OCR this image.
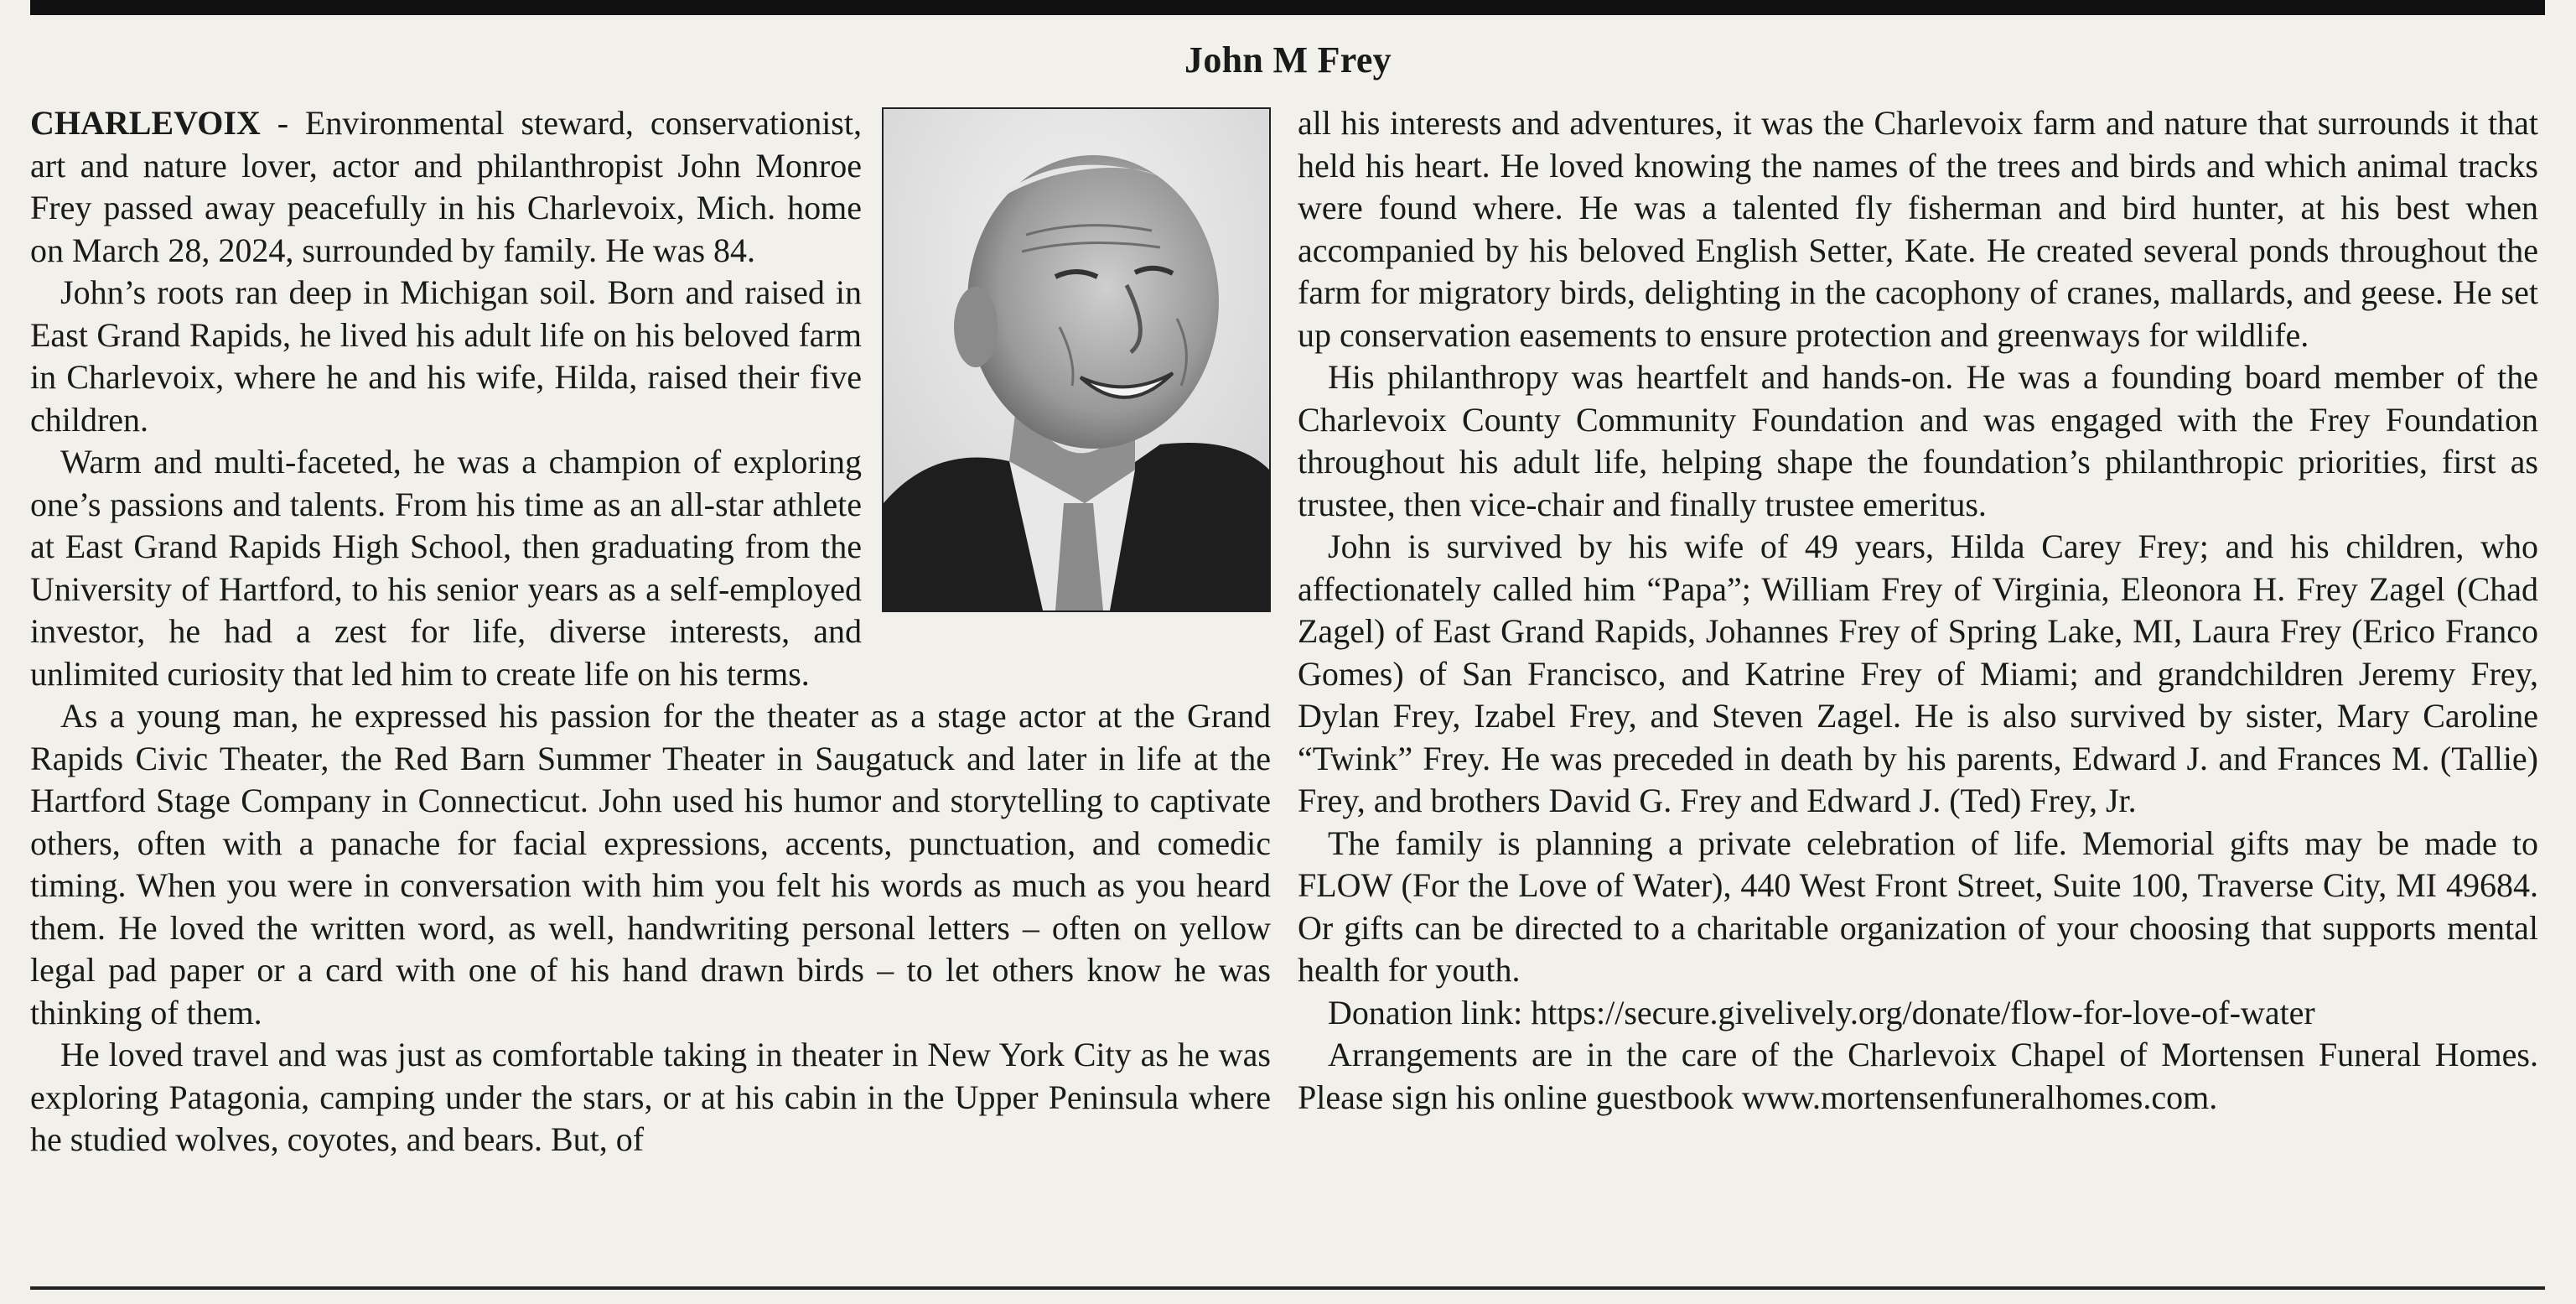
John M Frey

CHARLEVOIX - Environmental steward, conservationist, art and nature lover, actor and philanthropist John Monroe Frey passed away peacefully in his Charlevoix, Mich. home on March 28, 2024, surrounded by family. He was 84.

John’s roots ran deep in Michigan soil. Born and raised in East Grand Rapids, he lived his adult life on his beloved farm in Charlevoix, where he and his wife, Hilda, raised their five children.

Warm and multi-faceted, he was a champion of exploring one’s passions and talents. From his time as an all-star athlete at East Grand Rapids High School, then graduating from the University of Hartford, to his senior years as a self-employed investor, he had a zest for life, diverse interests, and unlimited curiosity that led him to create life on his terms.

As a young man, he expressed his passion for the theater as a stage actor at the Grand Rapids Civic Theater, the Red Barn Summer Theater in Saugatuck and later in life at the Hartford Stage Company in Connecticut. John used his humor and storytelling to captivate others, often with a panache for facial expressions, accents, punctuation, and comedic timing. When you were in conversation with him you felt his words as much as you heard them. He loved the written word, as well, handwriting personal letters – often on yellow legal pad paper or a card with one of his hand drawn birds – to let others know he was thinking of them.

He loved travel and was just as comfortable taking in theater in New York City as he was exploring Patagonia, camping under the stars, or at his cabin in the Upper Peninsula where he studied wolves, coyotes, and bears. But, of

all his interests and adventures, it was the Charlevoix farm and nature that surrounds it that held his heart. He loved knowing the names of the trees and birds and which animal tracks were found where. He was a talented fly fisherman and bird hunter, at his best when accompanied by his beloved English Setter, Kate. He created several ponds throughout the farm for migratory birds, delighting in the cacophony of cranes, mallards, and geese. He set up conservation easements to ensure protection and greenways for wildlife.

His philanthropy was heartfelt and hands-on. He was a founding board member of the Charlevoix County Community Foundation and was engaged with the Frey Foundation throughout his adult life, helping shape the foundation’s philanthropic priorities, first as trustee, then vice-chair and finally trustee emeritus.

John is survived by his wife of 49 years, Hilda Carey Frey; and his children, who affectionately called him “Papa”; William Frey of Virginia, Eleonora H. Frey Zagel (Chad Zagel) of East Grand Rapids, Johannes Frey of Spring Lake, MI, Laura Frey (Erico Franco Gomes) of San Francisco, and Katrine Frey of Miami; and grandchildren Jeremy Frey, Dylan Frey, Izabel Frey, and Steven Zagel. He is also survived by sister, Mary Caroline “Twink” Frey. He was preceded in death by his parents, Edward J. and Frances M. (Tallie) Frey, and brothers David G. Frey and Edward J. (Ted) Frey, Jr.

The family is planning a private celebration of life. Memorial gifts may be made to FLOW (For the Love of Water), 440 West Front Street, Suite 100, Traverse City, MI 49684. Or gifts can be directed to a charitable organization of your choosing that supports mental health for youth.

Donation link: https://secure.givelively.org/donate/flow-for-love-of-water

Arrangements are in the care of the Charlevoix Chapel of Mortensen Funeral Homes. Please sign his online guestbook www.mortensenfuneralhomes.com.
